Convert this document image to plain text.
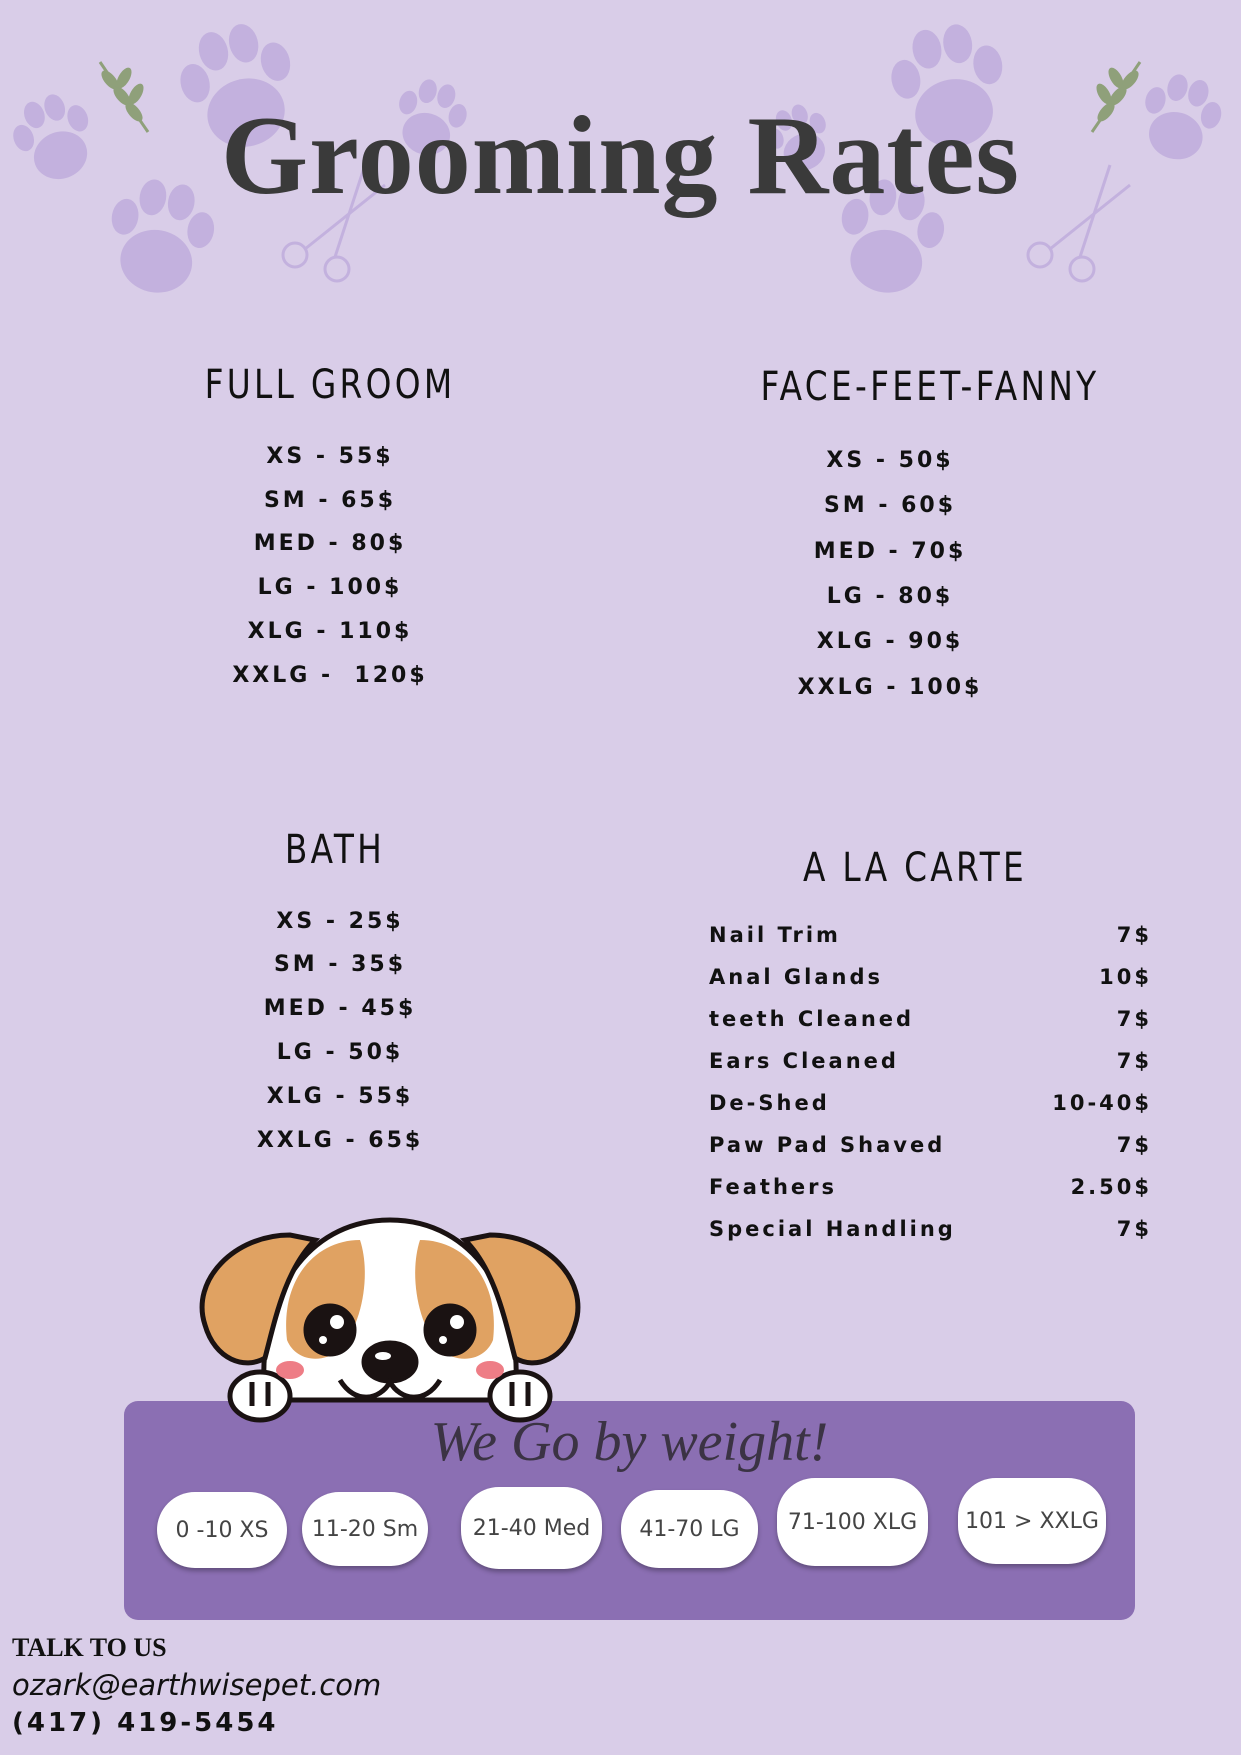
Grooming Rates
FULL GROOM
XS - 55$
SM - 65$
MED - 80$
LG - 100$
XLG - 110$
XXLG -  120$
FACE-FEET-FANNY
XS - 50$
SM - 60$
MED - 70$
LG - 80$
XLG - 90$
XXLG - 100$
BATH
XS - 25$
SM - 35$
MED - 45$
LG - 50$
XLG - 55$
XXLG - 65$
A LA CARTE
Nail Trim	7$
Anal Glands	10$
teeth Cleaned	7$
Ears Cleaned	7$
De-Shed	10-40$
Paw Pad Shaved	7$
Feathers	2.50$
Special Handling	7$
We Go by weight!
0 -10 XS	11-20 Sm	21-40 Med	41-70 LG	71-100 XLG	101 > XXLG
TALK TO US
ozark@earthwisepet.com
(417) 419-5454
